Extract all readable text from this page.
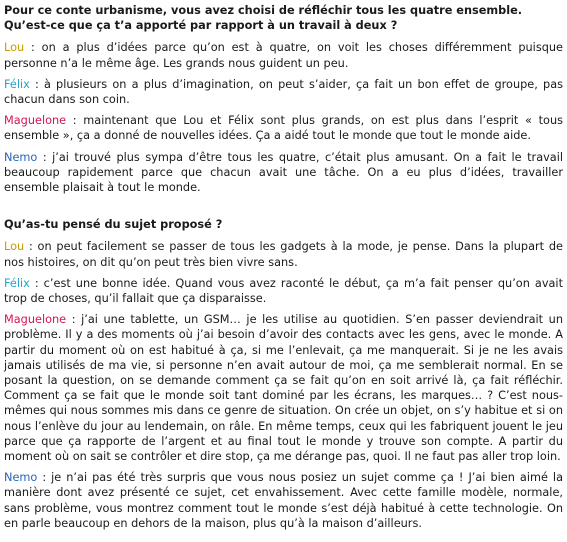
Pour ce conte urbanisme, vous avez choisi de réfléchir tous les quatre ensemble. Qu’est-ce que ça t’a apporté par rapport à un travail à deux ?

Lou : on a plus d’idées parce qu’on est à quatre, on voit les choses différemment puisque personne n’a le même âge. Les grands nous guident un peu.

Félix : à plusieurs on a plus d’imagination, on peut s’aider, ça fait un bon effet de groupe, pas chacun dans son coin.

Maguelone : maintenant que Lou et Félix sont plus grands, on est plus dans l’esprit « tous ensemble », ça a donné de nouvelles idées. Ça a aidé tout le monde que tout le monde aide.

Nemo : j’ai trouvé plus sympa d’être tous les quatre, c’était plus amusant. On a fait le travail beaucoup rapidement parce que chacun avait une tâche. On a eu plus d’idées, travailler ensemble plaisait à tout le monde.

Qu’as-tu pensé du sujet proposé ?

Lou : on peut facilement se passer de tous les gadgets à la mode, je pense. Dans la plupart de nos histoires, on dit qu’on peut très bien vivre sans.

Félix : c’est une bonne idée. Quand vous avez raconté le début, ça m’a fait penser qu’on avait trop de choses, qu’il fallait que ça disparaisse.

Maguelone : j’ai une tablette, un GSM… je les utilise au quotidien. S’en passer deviendrait un problème. Il y a des moments où j’ai besoin d’avoir des contacts avec les gens, avec le monde. A partir du moment où on est habitué à ça, si me l’enlevait, ça me manquerait. Si je ne les avais jamais utilisés de ma vie, si personne n’en avait autour de moi, ça me semblerait normal. En se posant la question, on se demande comment ça se fait qu’on en soit arrivé là, ça fait réfléchir. Comment ça se fait que le monde soit tant dominé par les écrans, les marques… ? C’est nous-mêmes qui nous sommes mis dans ce genre de situation. On crée un objet, on s’y habitue et si on nous l’enlève du jour au lendemain, on râle. En même temps, ceux qui les fabriquent jouent le jeu parce que ça rapporte de l’argent et au final tout le monde y trouve son compte. A partir du moment où on sait se contrôler et dire stop, ça me dérange pas, quoi. Il ne faut pas aller trop loin.

Nemo : je n’ai pas été très surpris que vous nous posiez un sujet comme ça ! J’ai bien aimé la manière dont avez présenté ce sujet, cet envahissement. Avec cette famille modèle, normale, sans problème, vous montrez comment tout le monde s’est déjà habitué à cette technologie. On en parle beaucoup en dehors de la maison, plus qu’à la maison d’ailleurs.
